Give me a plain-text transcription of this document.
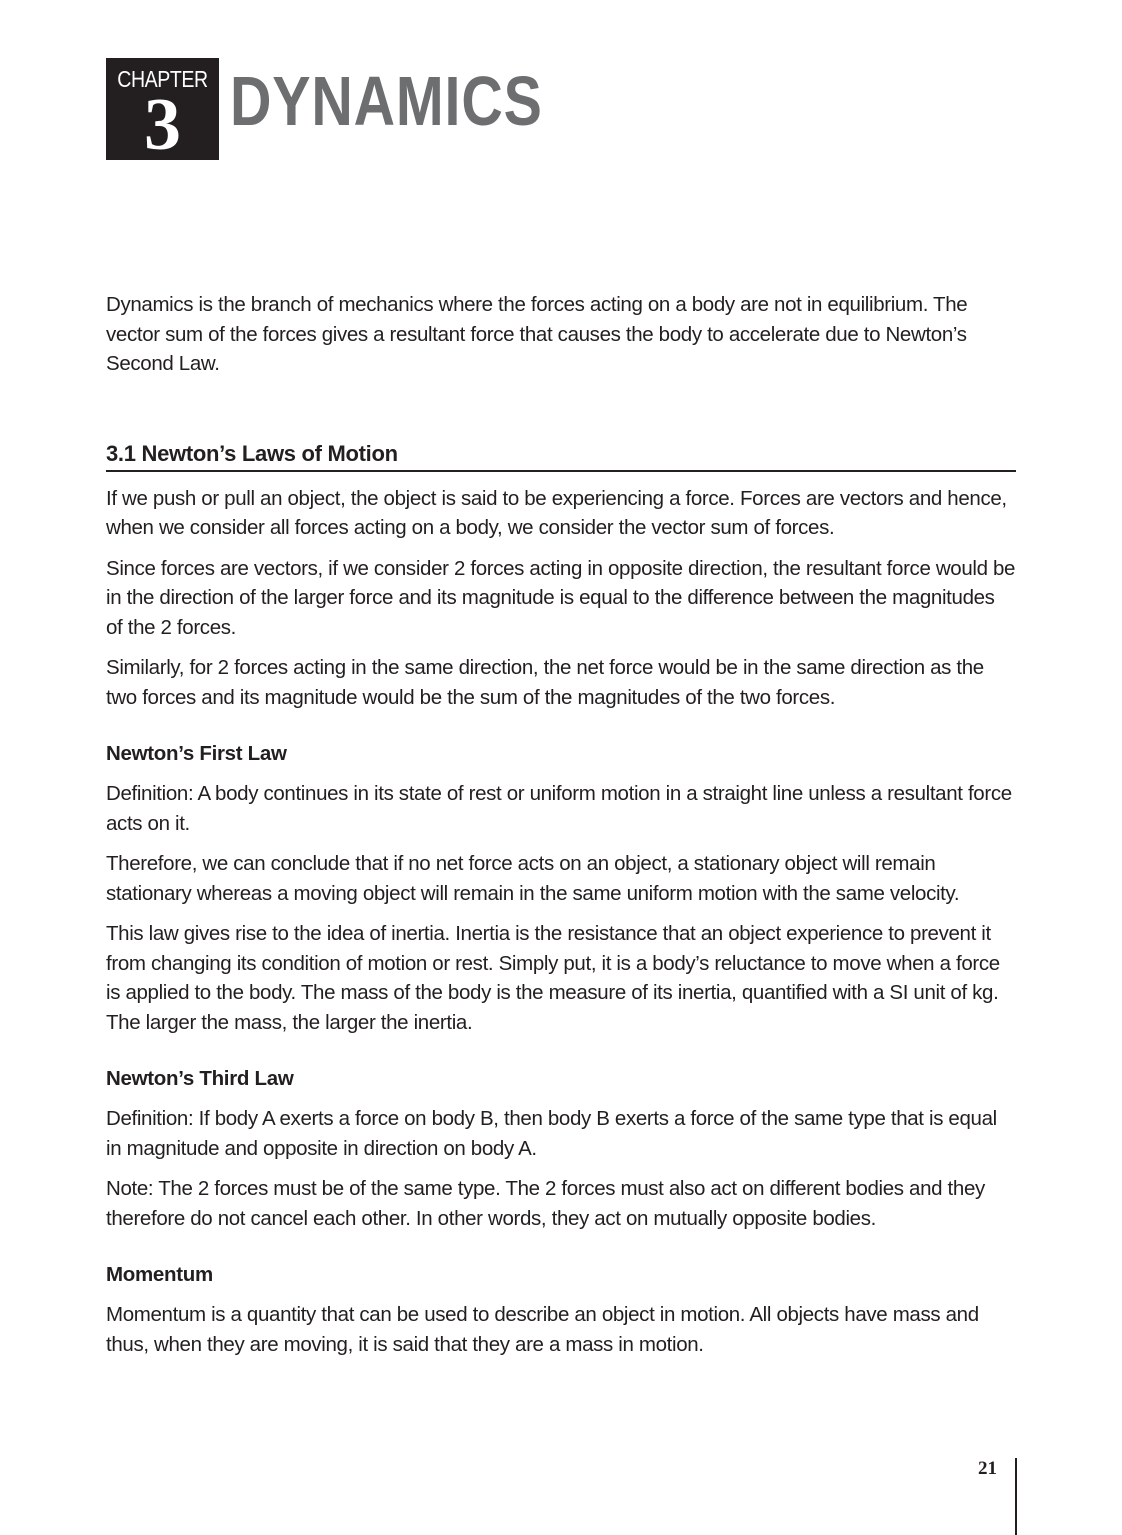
CHAPTER
3 DYNAMICS

Dynamics is the branch of mechanics where the forces acting on a body are not in equilibrium. The vector sum of the forces gives a resultant force that causes the body to accelerate due to Newton’s Second Law.

3.1 Newton’s Laws of Motion

If we push or pull an object, the object is said to be experiencing a force. Forces are vectors and hence, when we consider all forces acting on a body, we consider the vector sum of forces.

Since forces are vectors, if we consider 2 forces acting in opposite direction, the resultant force would be in the direction of the larger force and its magnitude is equal to the difference between the magnitudes of the 2 forces.

Similarly, for 2 forces acting in the same direction, the net force would be in the same direction as the two forces and its magnitude would be the sum of the magnitudes of the two forces.

Newton’s First Law

Definition: A body continues in its state of rest or uniform motion in a straight line unless a resultant force acts on it.

Therefore, we can conclude that if no net force acts on an object, a stationary object will remain stationary whereas a moving object will remain in the same uniform motion with the same velocity.

This law gives rise to the idea of inertia. Inertia is the resistance that an object experience to prevent it from changing its condition of motion or rest. Simply put, it is a body’s reluctance to move when a force is applied to the body. The mass of the body is the measure of its inertia, quantified with a SI unit of kg. The larger the mass, the larger the inertia.

Newton’s Third Law

Definition: If body A exerts a force on body B, then body B exerts a force of the same type that is equal in magnitude and opposite in direction on body A.

Note: The 2 forces must be of the same type. The 2 forces must also act on different bodies and they therefore do not cancel each other. In other words, they act on mutually opposite bodies.

Momentum

Momentum is a quantity that can be used to describe an object in motion. All objects have mass and thus, when they are moving, it is said that they are a mass in motion.

21
